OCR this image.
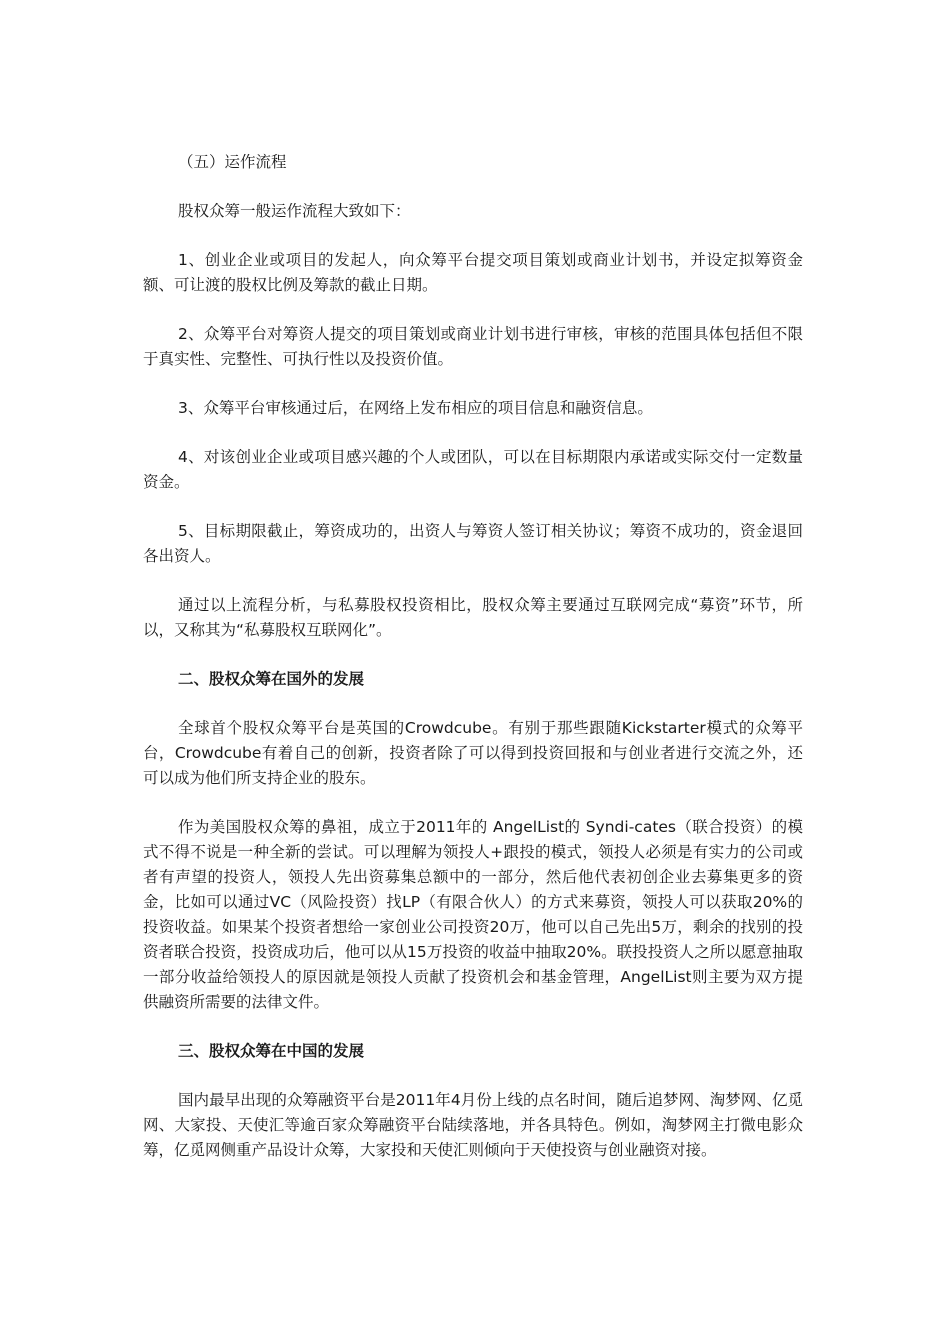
（五）运作流程

股权众筹一般运作流程大致如下：

1、创业企业或项目的发起人，向众筹平台提交项目策划或商业计划书，并设定拟筹资金额、可让渡的股权比例及筹款的截止日期。

2、众筹平台对筹资人提交的项目策划或商业计划书进行审核，审核的范围具体包括但不限于真实性、完整性、可执行性以及投资价值。

3、众筹平台审核通过后，在网络上发布相应的项目信息和融资信息。

4、对该创业企业或项目感兴趣的个人或团队，可以在目标期限内承诺或实际交付一定数量资金。

5、目标期限截止，筹资成功的，出资人与筹资人签订相关协议；筹资不成功的，资金退回各出资人。

通过以上流程分析，与私募股权投资相比，股权众筹主要通过互联网完成“募资”环节，所以，又称其为“私募股权互联网化”。

二、股权众筹在国外的发展

全球首个股权众筹平台是英国的Crowdcube。有别于那些跟随Kickstarter模式的众筹平台，Crowdcube有着自己的创新，投资者除了可以得到投资回报和与创业者进行交流之外，还可以成为他们所支持企业的股东。

作为美国股权众筹的鼻祖，成立于2011年的 AngelList的 Syndi-cates（联合投资）的模式不得不说是一种全新的尝试。可以理解为领投人+跟投的模式，领投人必须是有实力的公司或者有声望的投资人，领投人先出资募集总额中的一部分，然后他代表初创企业去募集更多的资金，比如可以通过VC（风险投资）找LP（有限合伙人）的方式来募资，领投人可以获取20%的投资收益。如果某个投资者想给一家创业公司投资20万，他可以自己先出5万，剩余的找别的投资者联合投资，投资成功后，他可以从15万投资的收益中抽取20%。联投投资人之所以愿意抽取一部分收益给领投人的原因就是领投人贡献了投资机会和基金管理，AngelList则主要为双方提供融资所需要的法律文件。

三、股权众筹在中国的发展

国内最早出现的众筹融资平台是2011年4月份上线的点名时间，随后追梦网、淘梦网、亿觅网、大家投、天使汇等逾百家众筹融资平台陆续落地，并各具特色。例如，淘梦网主打微电影众筹，亿觅网侧重产品设计众筹，大家投和天使汇则倾向于天使投资与创业融资对接。
